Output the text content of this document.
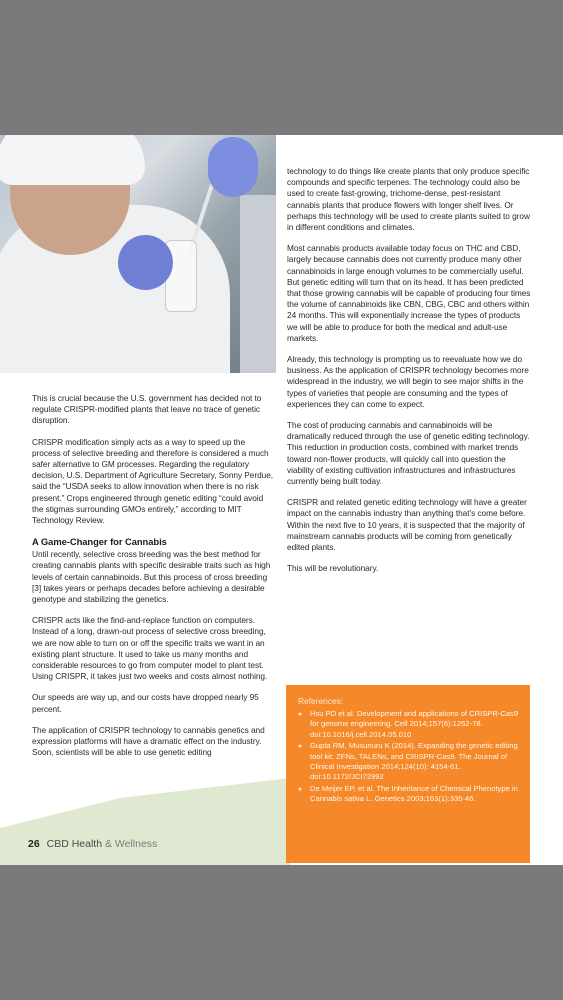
This is crucial because the U.S. government has decided not to regulate CRISPR-modified plants that leave no trace of genetic disruption.

CRISPR modification simply acts as a way to speed up the process of selective breeding and therefore is considered a much safer alternative to GM processes. Regarding the regulatory decision, U.S. Department of Agriculture Secretary, Sonny Perdue, said the “USDA seeks to allow innovation when there is no risk present.” Crops engineered through genetic editing “could avoid the stigmas surrounding GMOs entirely,” according to MIT Technology Review.

A Game-Changer for Cannabis

Until recently, selective cross breeding was the best method for creating cannabis plants with specific desirable traits such as high levels of certain cannabinoids. But this process of cross breeding [3] takes years or perhaps decades before achieving a desirable genotype and stabilizing the genetics.

CRISPR acts like the find-and-replace function on computers. Instead of a long, drawn-out process of selective cross breeding, we are now able to turn on or off the specific traits we want in an existing plant structure. It used to take us many months and considerable resources to go from computer model to plant test. Using CRISPR, it takes just two weeks and costs almost nothing.

Our speeds are way up, and our costs have dropped nearly 95 percent.

The application of CRISPR technology to cannabis genetics and expression platforms will have a dramatic effect on the industry. Soon, scientists will be able to use genetic editing

technology to do things like create plants that only produce specific compounds and specific terpenes. The technology could also be used to create fast-growing, trichome-dense, pest-resistant cannabis plants that produce flowers with longer shelf lives. Or perhaps this technology will be used to create plants suited to grow in different conditions and climates.

Most cannabis products available today focus on THC and CBD, largely because cannabis does not currently produce many other cannabinoids in large enough volumes to be commercially useful. But genetic editing will turn that on its head. It has been predicted that those growing cannabis will be capable of producing four times the volume of cannabinoids like CBN, CBG, CBC and others within 24 months. This will exponentially increase the types of products we will be able to produce for both the medical and adult-use markets.

Already, this technology is prompting us to reevaluate how we do business. As the application of CRISPR technology becomes more widespread in the industry, we will begin to see major shifts in the types of varieties that people are consuming and the types of experiences they can come to expect.

The cost of producing cannabis and cannabinoids will be dramatically reduced through the use of genetic editing technology. This reduction in production costs, combined with market trends toward non-flower products, will quickly call into question the viability of existing cultivation infrastructures and infrastructures currently being built today.

CRISPR and related genetic editing technology will have a greater impact on the cannabis industry than anything that’s come before. Within the next five to 10 years, it is suspected that the majority of mainstream cannabis products will be coming from genetically edited plants.

This will be revolutionary.

References:
● Hsu PD et al. Development and applications of CRISPR-Cas9 for genome engineering. Cell 2014;157(6):1262-78. doi:10.1016/j.cell.2014.05.010
● Gupta RM, Musunuru K (2014). Expanding the genetic editing tool kit: ZFNs, TALENs, and CRISPR-Cas9. The Journal of Clinical Investigation 2014;124(10): 4154-61. doi:10.1172/JCI72992
● De Meijer EP, et al. The Inheritance of Chemical Phenotype in Cannabis sativa L. Genetics 2003;163(1):335-46.
26 CBD Health & Wellness
